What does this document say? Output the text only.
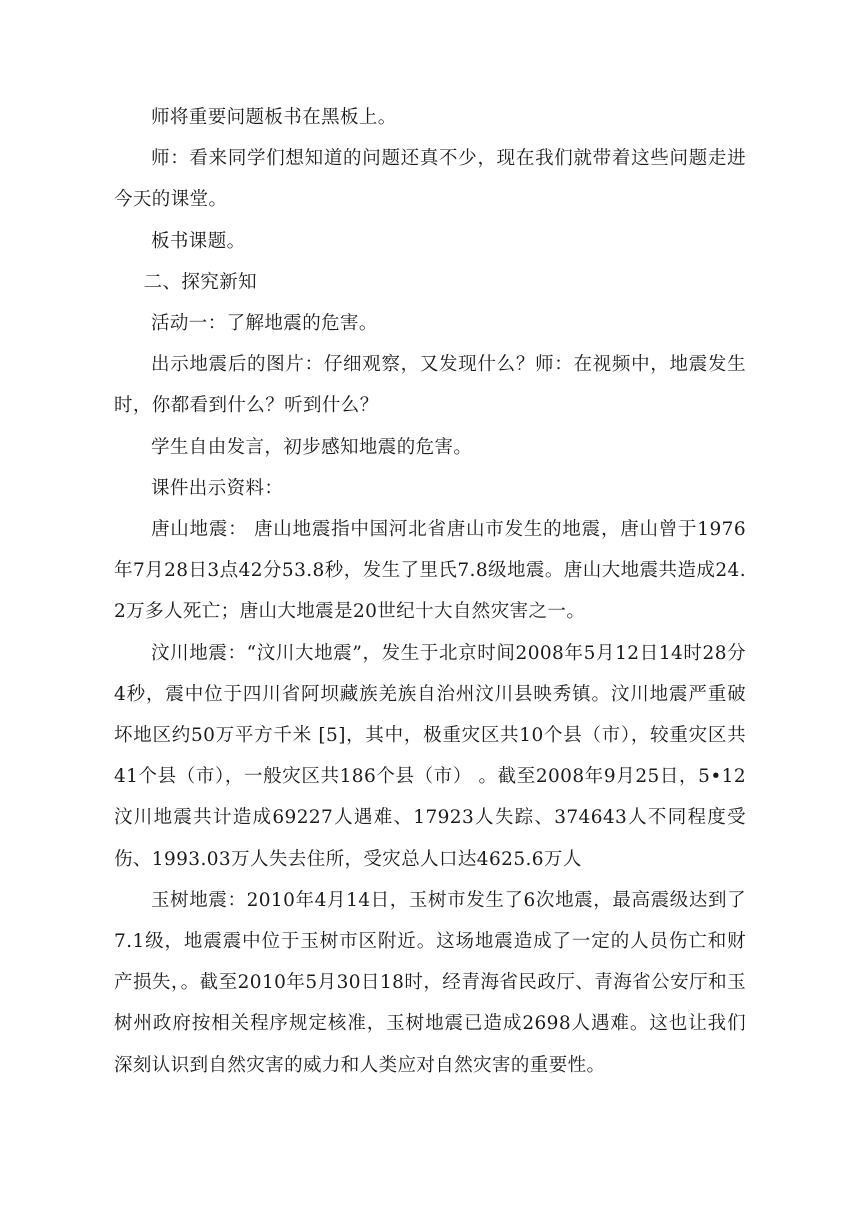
师将重要问题板书在黑板上。

师：看来同学们想知道的问题还真不少，现在我们就带着这些问题走进今天的课堂。

板书课题。

二、探究新知

活动一：了解地震的危害。

出示地震后的图片：仔细观察，又发现什么？师：在视频中，地震发生时，你都看到什么？听到什么？

学生自由发言，初步感知地震的危害。

课件出示资料：

唐山地震： 唐山地震指中国河北省唐山市发生的地震，唐山曾于1976年7月28日3点42分53.8秒，发生了里氏7.8级地震。唐山大地震共造成24.2万多人死亡；唐山大地震是20世纪十大自然灾害之一。

汶川地震：“汶川大地震”，发生于北京时间2008年5月12日14时28分4秒，震中位于四川省阿坝藏族羌族自治州汶川县映秀镇。汶川地震严重破坏地区约50万平方千米 [5]，其中，极重灾区共10个县（市），较重灾区共41个县（市），一般灾区共186个县（市） 。截至2008年9月25日，5•12汶川地震共计造成69227人遇难、17923人失踪、374643人不同程度受伤、1993.03万人失去住所，受灾总人口达4625.6万人

玉树地震：2010年4月14日，玉树市发生了6次地震，最高震级达到了7.1级，地震震中位于玉树市区附近。这场地震造成了一定的人员伤亡和财产损失，。截至2010年5月30日18时，经青海省民政厅、青海省公安厅和玉树州政府按相关程序规定核准，玉树地震已造成2698人遇难。这也让我们深刻认识到自然灾害的威力和人类应对自然灾害的重要性。
